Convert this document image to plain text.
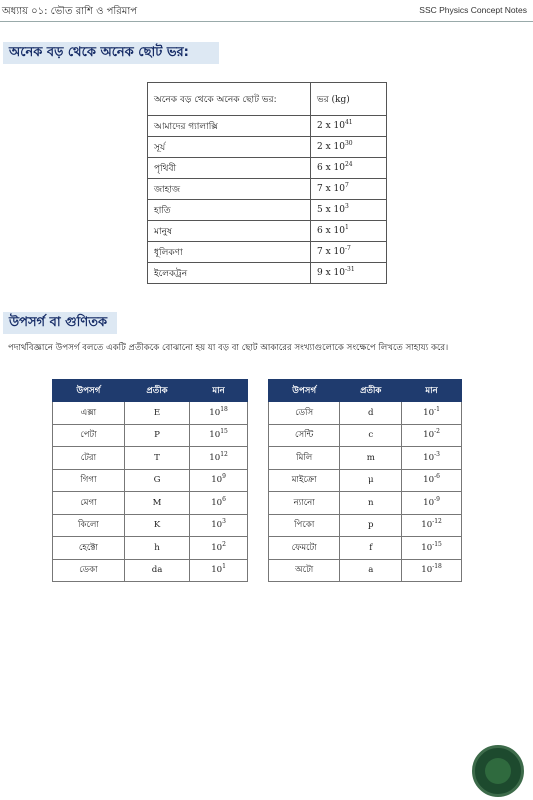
অধ্যায় ০১: ভৌত রাশি ও পরিমাপ	SSC Physics Concept Notes
অনেক বড় থেকে অনেক ছোট ভর:
অনেক বড় থেকে অনেক ছোট ভর:	ভর (kg)
আমাদের গ্যালাক্সি	2 x $10^{41}$
সূর্য	2 x $10^{30}$
পৃথিবী	6 x $10^{24}$
জাহাজ	7 x $10^7$
হাতি	5 x $10^3$
মানুষ	6 x $10^1$
ধূলিকণা	7 x $10^{-7}$
ইলেকট্রন	9 x $10^{-31}$
উপসর্গ বা গুণিতক
পদার্থবিজ্ঞানে উপসর্গ বলতে একটি প্রতীককে বোঝানো হয় যা বড় বা ছোট আকারের সংখ্যাগুলোকে সংক্ষেপে লিখতে সাহায্য করে।
উপসর্গ	প্রতীক	মান
এক্সা	E	$10^{18}$
পেটা	P	$10^{15}$
টেরা	T	$10^{12}$
গিগা	G	$10^9$
মেগা	M	$10^6$
কিলো	K	$10^3$
হেক্টো	h	$10^2$
ডেকা	da	$10^1$
উপসর্গ	প্রতীক	মান
ডেসি	d	$10^{-1}$
সেন্টি	c	$10^{-2}$
মিলি	m	$10^{-3}$
মাইক্রো	μ	$10^{-6}$
ন্যানো	n	$10^{-9}$
পিকো	p	$10^{-12}$
ফেমটো	f	$10^{-15}$
অটো	a	$10^{-18}$
